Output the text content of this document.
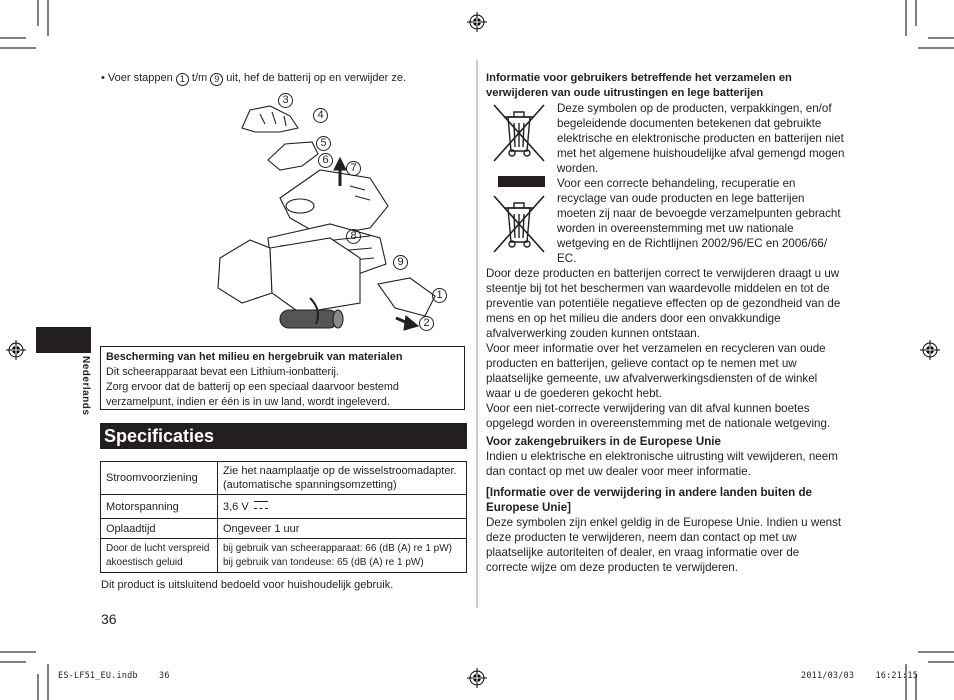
Nederlands
• Voer stappen 1 t/m 9 uit, hef de batterij op en verwijder ze.
3
4
5
6
7
8
9
1
2
Bescherming van het milieu en hergebruik van materialen
Dit scheerapparaat bevat een Lithium-ionbatterij.
Zorg ervoor dat de batterij op een speciaal daarvoor bestemd
verzamelpunt, indien er één is in uw land, wordt ingeleverd.
Specificaties
Stroomvoorziening	Zie het naamplaatje op de wisselstroomadapter.
(automatische spanningsomzetting)

Motorspanning	3,6 V
Oplaadtijd	Ongeveer 1 uur

Door de lucht verspreid
akoestisch geluid	bij gebruik van scheerapparaat: 66 (dB (A) re 1 pW)
bij gebruik van tondeuse: 65 (dB (A) re 1 pW)
Dit product is uitsluitend bedoeld voor huishoudelijk gebruik.
36
Informatie voor gebruikers betreffende het verzamelen en
verwijderen van oude uitrustingen en lege batterijen
Deze symbolen op de producten, verpakkingen, en/of
begeleidende documenten betekenen dat gebruikte
elektrische en elektronische producten en batterijen niet
met het algemene huishoudelijke afval gemengd mogen
worden.
Voor een correcte behandeling, recuperatie en
recyclage van oude producten en lege batterijen
moeten zij naar de bevoegde verzamelpunten gebracht
worden in overeenstemming met uw nationale
wetgeving en de Richtlijnen 2002/96/EC en 2006/66/
EC.
Door deze producten en batterijen correct te verwijderen draagt u uw
steentje bij tot het beschermen van waardevolle middelen en tot de
preventie van potentiële negatieve effecten op de gezondheid van de
mens en op het milieu die anders door een onvakkundige
afvalverwerking zouden kunnen ontstaan.
Voor meer informatie over het verzamelen en recycleren van oude
producten en batterijen, gelieve contact op te nemen met uw
plaatselijke gemeente, uw afvalverwerkingsdiensten of de winkel
waar u de goederen gekocht hebt.
Voor een niet-correcte verwijdering van dit afval kunnen boetes
opgelegd worden in overeenstemming met de nationale wetgeving.
Voor zakengebruikers in de Europese Unie
Indien u elektrische en elektronische uitrusting wilt vewijderen, neem
dan contact op met uw dealer voor meer informatie.
[Informatie over de verwijdering in andere landen buiten de
Europese Unie]
Deze symbolen zijn enkel geldig in de Europese Unie. Indien u wenst
deze producten te verwijderen, neem dan contact op met uw
plaatselijke autoriteiten of dealer, en vraag informatie over de
correcte wijze om deze producten te verwijderen.
ES-LF51_EU.indb	36	2011/03/03	16:21:15
